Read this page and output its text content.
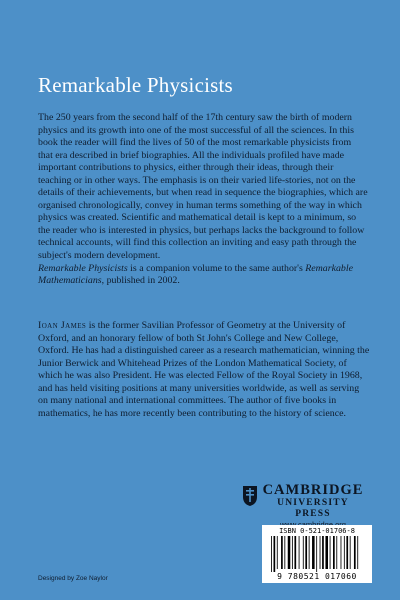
Remarkable Physicists

The 250 years from the second half of the 17th century saw the birth of modern physics and its growth into one of the most successful of all the sciences. In this book the reader will find the lives of 50 of the most remarkable physicists from that era described in brief biographies. All the individuals profiled have made important contributions to physics, either through their ideas, through their teaching or in other ways. The emphasis is on their varied life-stories, not on the details of their achievements, but when read in sequence the biographies, which are organised chronologically, convey in human terms something of the way in which physics was created. Scientific and mathematical detail is kept to a minimum, so the reader who is interested in physics, but perhaps lacks the background to follow technical accounts, will find this collection an inviting and easy path through the subject's modern development.

Remarkable Physicists is a companion volume to the same author's Remarkable Mathematicians, published in 2002.

Ioan James is the former Savilian Professor of Geometry at the University of Oxford, and an honorary fellow of both St John's College and New College, Oxford. He has had a distinguished career as a research mathematician, winning the Junior Berwick and Whitehead Prizes of the London Mathematical Society, of which he was also President. He was elected Fellow of the Royal Society in 1968, and has held visiting positions at many universities worldwide, as well as serving on many national and international committees. The author of five books in mathematics, he has more recently been contributing to the history of science.
CAMBRIDGE
UNIVERSITY PRESS
ISBN 0-521-01706-8
9 780521 017060
Designed by Zoe Naylor
